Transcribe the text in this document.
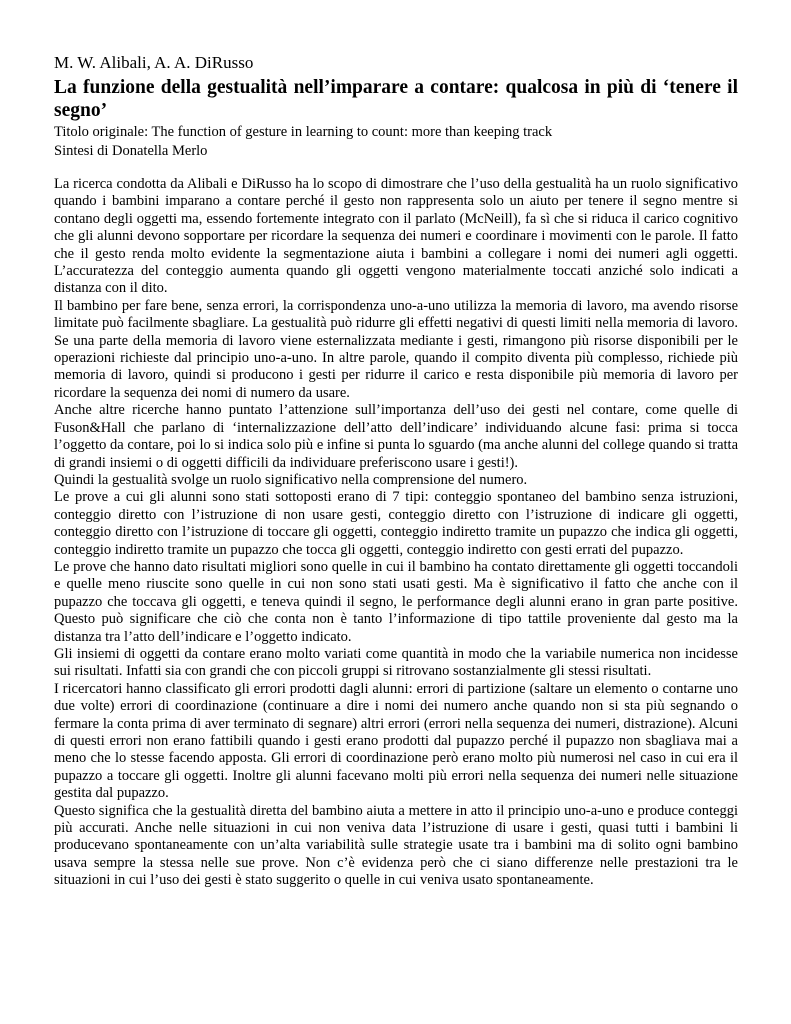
M. W. Alibali, A. A. DiRusso

La funzione della gestualità nell’imparare a contare: qualcosa in più di ‘tenere il segno’

Titolo originale: The function of gesture in learning to count: more than keeping track

Sintesi di Donatella Merlo

La ricerca condotta da Alibali e DiRusso ha lo scopo di dimostrare che l’uso della gestualità ha un ruolo significativo quando i bambini imparano a contare perché il gesto non rappresenta solo un aiuto per tenere il segno mentre si contano degli oggetti ma, essendo fortemente integrato con il parlato (McNeill), fa sì che si riduca il carico cognitivo che gli alunni devono sopportare per ricordare la sequenza dei numeri e coordinare i movimenti con le parole. Il fatto che il gesto renda molto evidente la segmentazione aiuta i bambini a collegare i nomi dei numeri agli oggetti. L’accuratezza del conteggio aumenta quando gli oggetti vengono materialmente toccati anziché solo indicati a distanza con il dito.

Il bambino per fare bene, senza errori, la corrispondenza uno-a-uno utilizza la memoria di lavoro, ma avendo risorse limitate può facilmente sbagliare. La gestualità può ridurre gli effetti negativi di questi limiti nella memoria di lavoro. Se una parte della memoria di lavoro viene esternalizzata mediante i gesti, rimangono più risorse disponibili per le operazioni richieste dal principio uno-a-uno. In altre parole, quando il compito diventa più complesso, richiede più memoria di lavoro, quindi si producono i gesti per ridurre il carico e resta disponibile più memoria di lavoro per ricordare la sequenza dei nomi di numero da usare.

Anche altre ricerche hanno puntato l’attenzione sull’importanza dell’uso dei gesti nel contare, come quelle di Fuson&Hall che parlano di ‘internalizzazione dell’atto dell’indicare’ individuando alcune fasi: prima si tocca l’oggetto da contare, poi lo si indica solo più e infine si punta lo sguardo (ma anche alunni del college quando si tratta di grandi insiemi o di oggetti difficili da individuare preferiscono usare i gesti!).

Quindi la gestualità svolge un ruolo significativo nella comprensione del numero.

Le prove a cui gli alunni sono stati sottoposti erano di 7 tipi: conteggio spontaneo del bambino senza istruzioni, conteggio diretto con l’istruzione di non usare gesti, conteggio diretto con l’istruzione di indicare gli oggetti, conteggio diretto con l’istruzione di toccare gli oggetti, conteggio indiretto tramite un pupazzo che indica gli oggetti, conteggio indiretto tramite un pupazzo che tocca gli oggetti, conteggio indiretto con gesti errati del pupazzo.

Le prove che hanno dato risultati migliori sono quelle in cui il bambino ha contato direttamente gli oggetti toccandoli e quelle meno riuscite sono quelle in cui non sono stati usati gesti. Ma è significativo il fatto che anche con il pupazzo che toccava gli oggetti, e teneva quindi il segno, le performance degli alunni erano in gran parte positive. Questo può significare che ciò che conta non è tanto l’informazione di tipo tattile proveniente dal gesto ma la distanza tra l’atto dell’indicare e l’oggetto indicato.

Gli insiemi di oggetti da contare erano molto variati come quantità in modo che la variabile numerica non incidesse sui risultati. Infatti sia con grandi che con piccoli gruppi si ritrovano sostanzialmente gli stessi risultati.

I ricercatori hanno classificato gli errori prodotti dagli alunni: errori di partizione (saltare un elemento o contarne uno due volte) errori di coordinazione (continuare a dire i nomi dei numero anche quando non si sta più segnando o fermare la conta prima di aver terminato di segnare) altri errori (errori nella sequenza dei numeri, distrazione). Alcuni di questi errori non erano fattibili quando i gesti erano prodotti dal pupazzo perché il pupazzo non sbagliava mai a meno che lo stesse facendo apposta. Gli errori di coordinazione però erano molto più numerosi nel caso in cui era il pupazzo a toccare gli oggetti. Inoltre gli alunni facevano molti più errori nella sequenza dei numeri nelle situazione gestita dal pupazzo.

Questo significa che la gestualità diretta del bambino aiuta a mettere in atto il principio uno-a-uno e produce conteggi più accurati. Anche nelle situazioni in cui non veniva data l’istruzione di usare i gesti, quasi tutti i bambini li producevano spontaneamente con un’alta variabilità sulle strategie usate tra i bambini ma di solito ogni bambino usava sempre la stessa nelle sue prove. Non c’è evidenza però che ci siano differenze nelle prestazioni tra le situazioni in cui l’uso dei gesti è stato suggerito o quelle in cui veniva usato spontaneamente.
